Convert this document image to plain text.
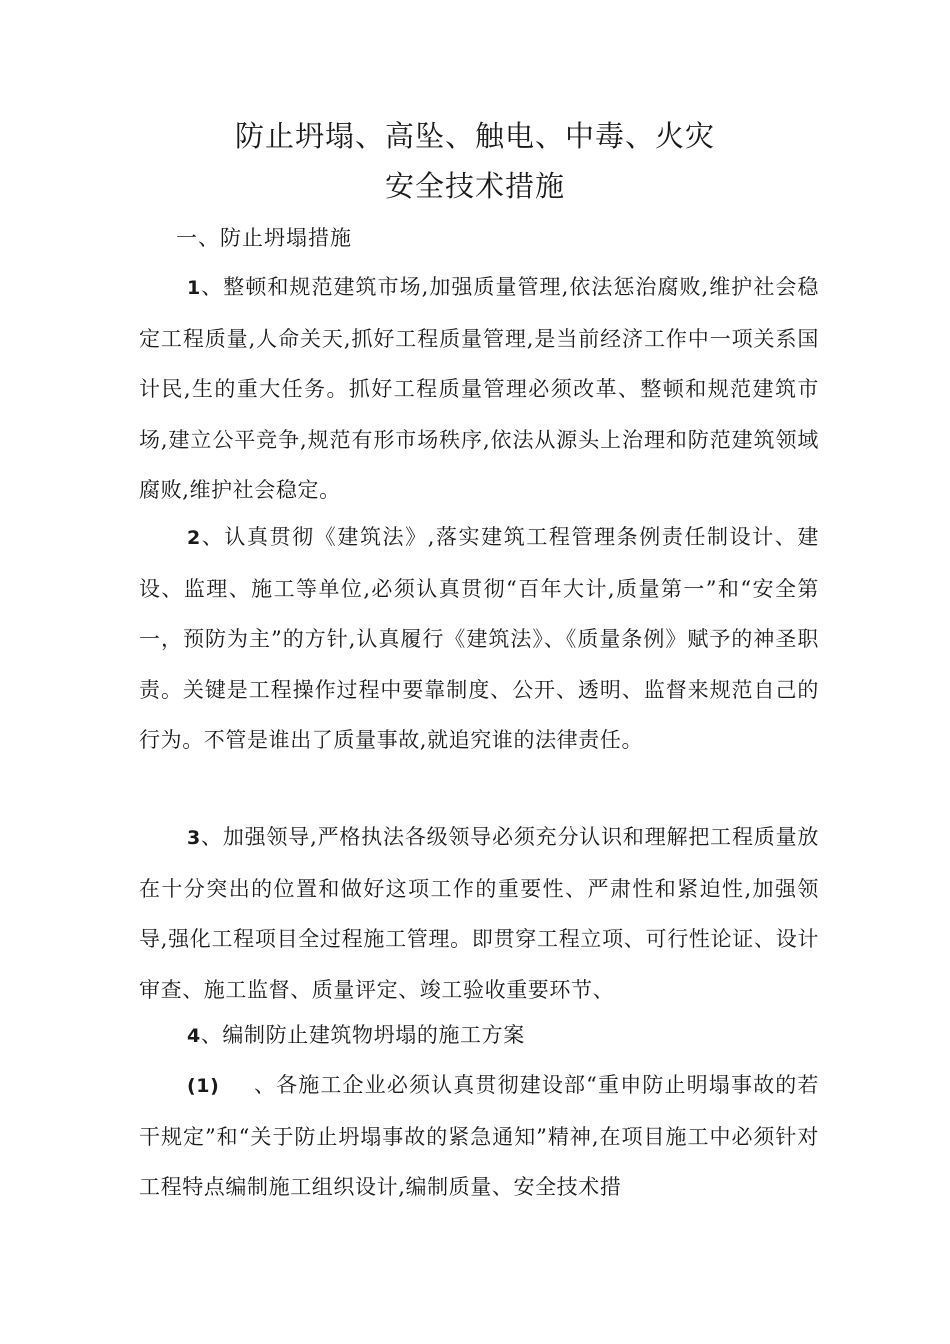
防止坍塌、高坠、触电、中毒、火灾
安全技术措施
一、防止坍塌措施

1、整顿和规范建筑市场,加强质量管理,依法惩治腐败,维护社会稳定工程质量,人命关天,抓好工程质量管理,是当前经济工作中一项关系国计民,生的重大任务。抓好工程质量管理必须改革、整顿和规范建筑市场,建立公平竞争,规范有形市场秩序,依法从源头上治理和防范建筑领域腐败,维护社会稳定。

2、认真贯彻《建筑法》,落实建筑工程管理条例责任制设计、建设、监理、施工等单位,必须认真贯彻“百年大计,质量第一”和“安全第一，预防为主”的方针,认真履行《建筑法》、《质量条例》赋予的神圣职责。关键是工程操作过程中要靠制度、公开、透明、监督来规范自己的行为。不管是谁出了质量事故,就追究谁的法律责任。

3、加强领导,严格执法各级领导必须充分认识和理解把工程质量放在十分突出的位置和做好这项工作的重要性、严肃性和紧迫性,加强领导,强化工程项目全过程施工管理。即贯穿工程立项、可行性论证、设计审查、施工监督、质量评定、竣工验收重要环节、

4、编制防止建筑物坍塌的施工方案

(1) 、各施工企业必须认真贯彻建设部“重申防止明塌事故的若干规定”和“关于防止坍塌事故的紧急通知”精神,在项目施工中必须针对工程特点编制施工组织设计,编制质量、安全技术措
